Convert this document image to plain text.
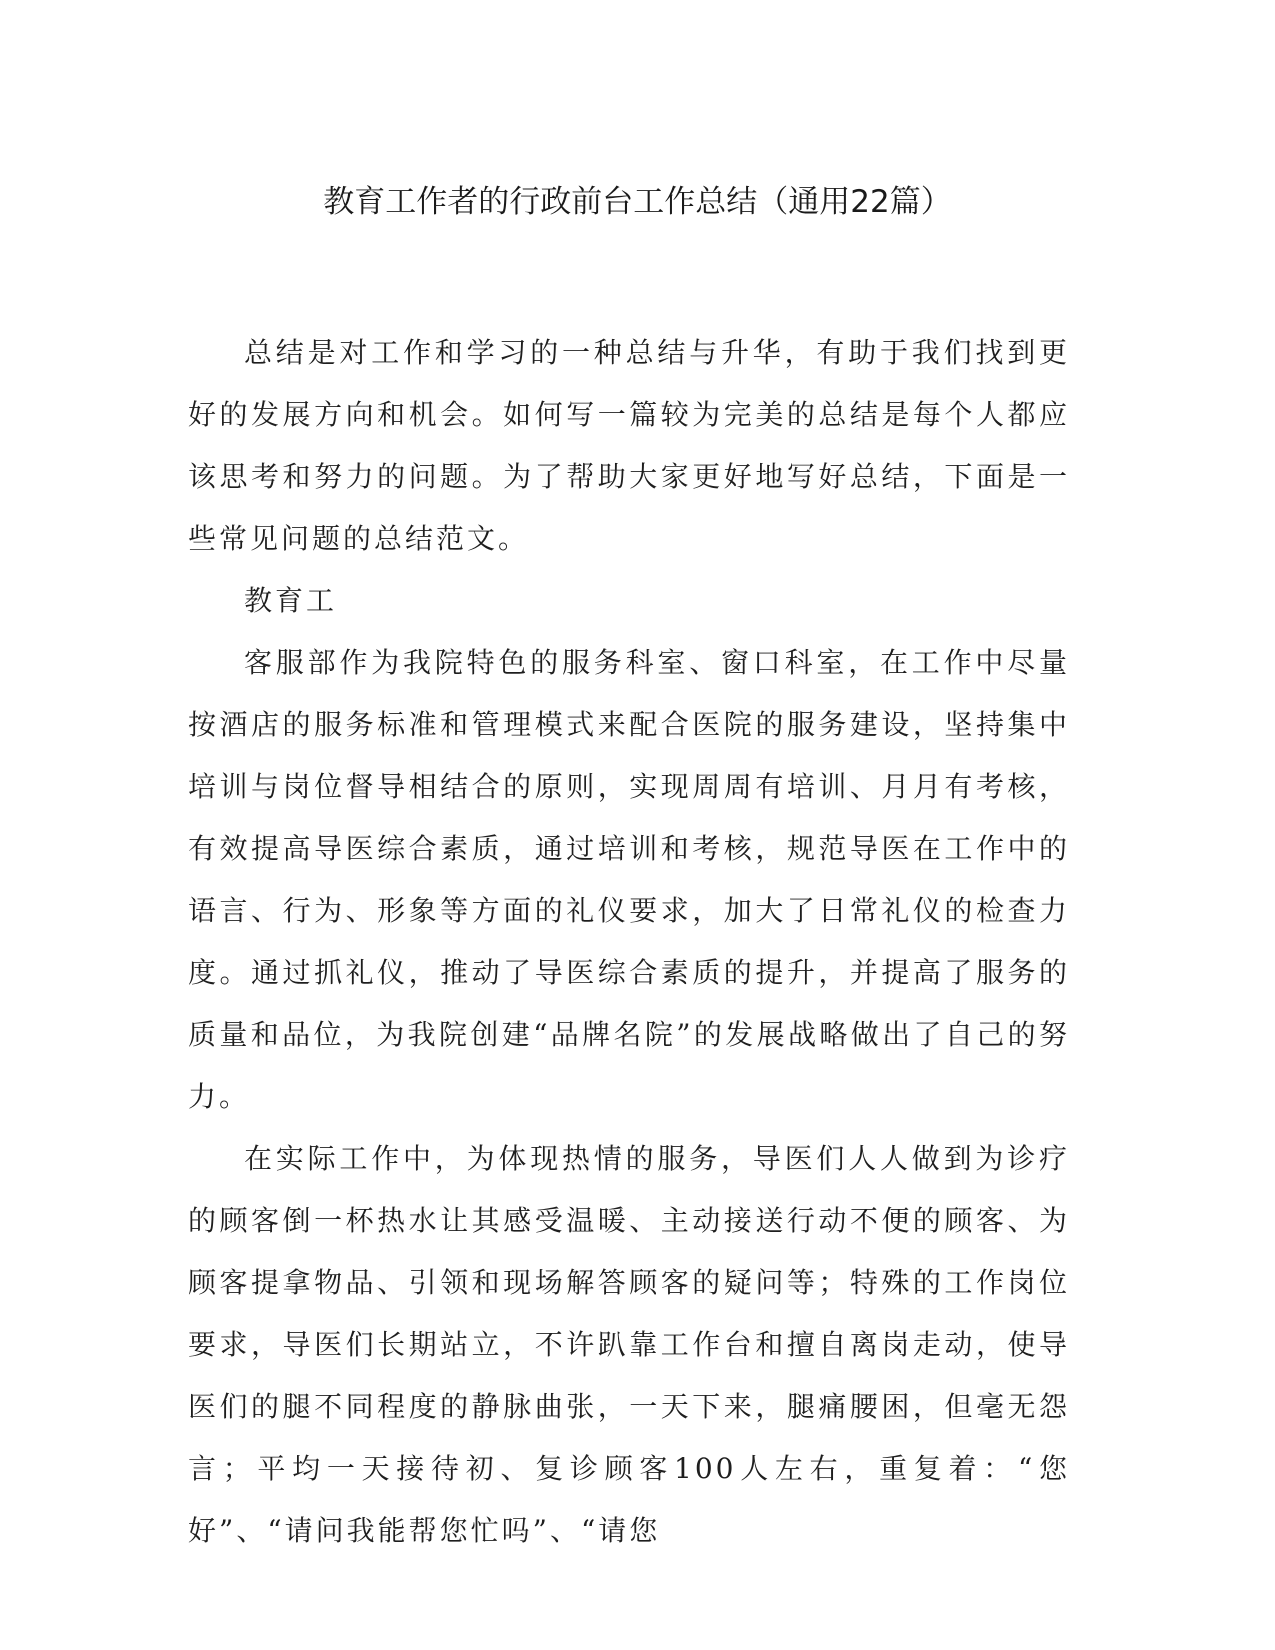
教育工作者的行政前台工作总结（通用22篇）

总结是对工作和学习的一种总结与升华，有助于我们找到更好的发展方向和机会。如何写一篇较为完美的总结是每个人都应该思考和努力的问题。为了帮助大家更好地写好总结，下面是一些常见问题的总结范文。

教育工

客服部作为我院特色的服务科室、窗口科室，在工作中尽量按酒店的服务标准和管理模式来配合医院的服务建设，坚持集中培训与岗位督导相结合的原则，实现周周有培训、月月有考核，有效提高导医综合素质，通过培训和考核，规范导医在工作中的语言、行为、形象等方面的礼仪要求，加大了日常礼仪的检查力度。通过抓礼仪，推动了导医综合素质的提升，并提高了服务的质量和品位，为我院创建“品牌名院”的发展战略做出了自己的努力。

在实际工作中，为体现热情的服务，导医们人人做到为诊疗的顾客倒一杯热水让其感受温暖、主动接送行动不便的顾客、为顾客提拿物品、引领和现场解答顾客的疑问等；特殊的工作岗位要求，导医们长期站立，不许趴靠工作台和擅自离岗走动，使导医们的腿不同程度的静脉曲张，一天下来，腿痛腰困，但毫无怨言；平均一天接待初、复诊顾客100人左右，重复着：“您好”、“请问我能帮您忙吗”、“请您
